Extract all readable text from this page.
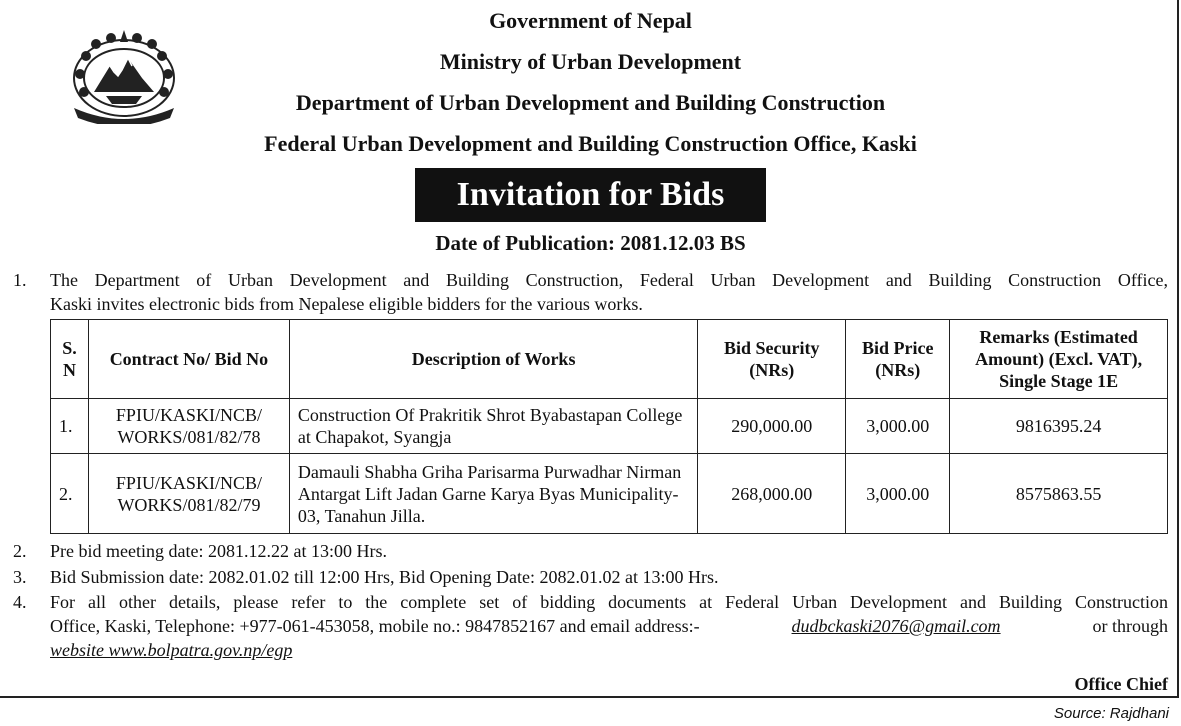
Government of Nepal
Ministry of Urban Development
Department of Urban Development and Building Construction
Federal Urban Development and Building Construction Office, Kaski
Invitation for Bids
Date of Publication: 2081.12.03 BS
1. The Department of Urban Development and Building Construction, Federal Urban Development and Building Construction Office,
Kaski invites electronic bids from Nepalese eligible bidders for the various works.
S. N	Contract No/ Bid No	Description of Works	Bid Security (NRs)	Bid Price (NRs)	Remarks (Estimated Amount) (Excl. VAT), Single Stage 1E
1.	FPIU/KASKI/NCB/ WORKS/081/82/78	Construction Of Prakritik Shrot Byabastapan College at Chapakot, Syangja	290,000.00	3,000.00	9816395.24
2.	FPIU/KASKI/NCB/ WORKS/081/82/79	Damauli Shabha Griha Parisarma Purwadhar Nirman Antargat Lift Jadan Garne Karya Byas Municipality-03, Tanahun Jilla.	268,000.00	3,000.00	8575863.55
2. Pre bid meeting date: 2081.12.22 at 13:00 Hrs.
3. Bid Submission date: 2082.01.02 till 12:00 Hrs, Bid Opening Date: 2082.01.02 at 13:00 Hrs.
4. For all other details, please refer to the complete set of bidding documents at Federal Urban Development and Building Construction
Office, Kaski, Telephone: +977-061-453058, mobile no.: 9847852167 and email address:-	dudbckaski2076@gmail.com	or through
website www.bolpatra.gov.np/egp
Office Chief
Source: Rajdhani
